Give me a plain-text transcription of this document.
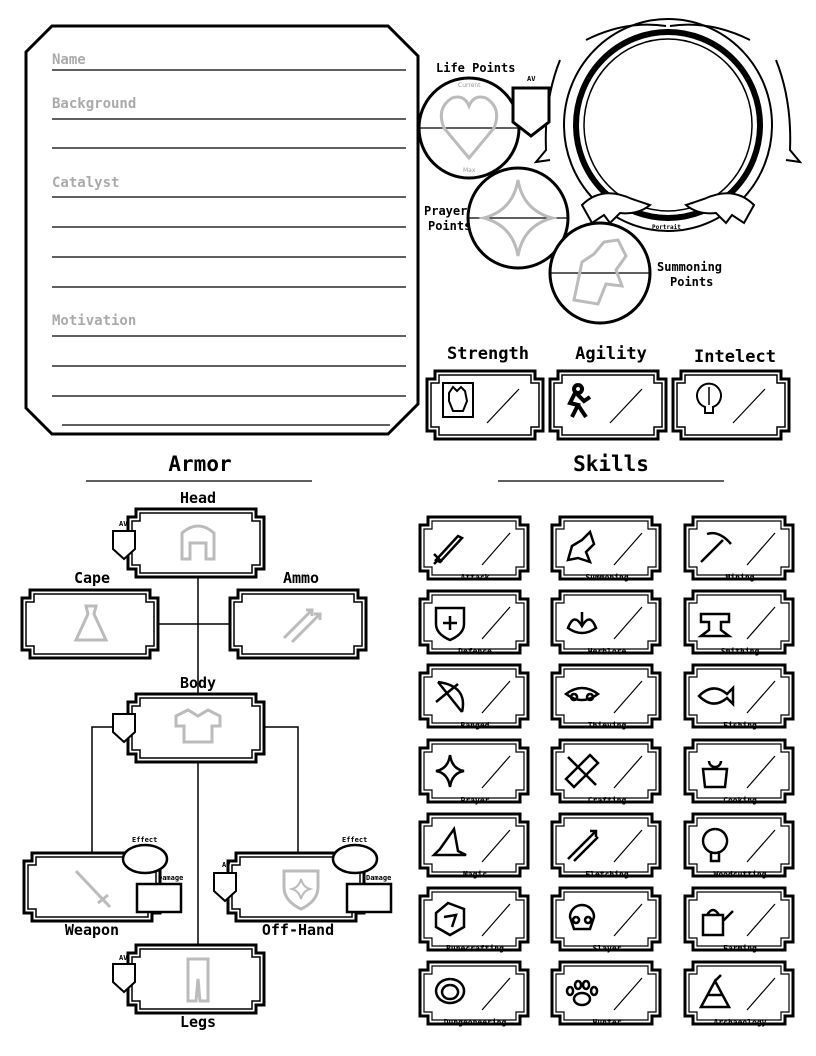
Name
Background
Catalyst
Motivation
Life Points
Current
Max
AV
Prayer
Points
Summoning
Points
Portrait
Strength	Agility	Intelect
Armor	Skills
Head
Cape	Ammo
Body
Weapon	Off-Hand
Legs
AV
AV
AV
Effect
Damage
Effect
Damage
Attack	Summoning	Mining
Defence	Herblore	Smithing
Ranged	Thieving	Fishing
Prayer	Crafting	Cooking
Magic	Fletching	Woodcutting
Runecrafting	Slayer	Farming
Dungeoneering	Hunter	Archaeology
